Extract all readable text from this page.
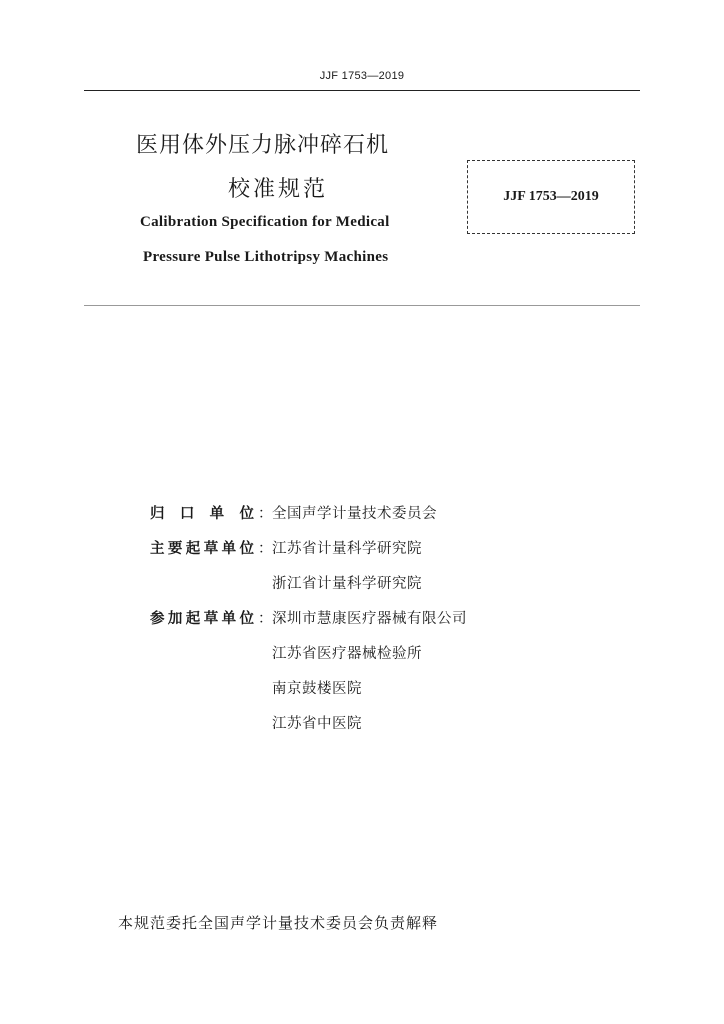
JJF 1753—2019
医用体外压力脉冲碎石机
校准规范
Calibration Specification for Medical
Pressure Pulse Lithotripsy Machines
JJF 1753—2019
归口单位 ： 全国声学计量技术委员会
主要起草单位 ： 江苏省计量科学研究院
浙江省计量科学研究院
参加起草单位 ： 深圳市慧康医疗器械有限公司
江苏省医疗器械检验所
南京鼓楼医院
江苏省中医院
本规范委托全国声学计量技术委员会负责解释
